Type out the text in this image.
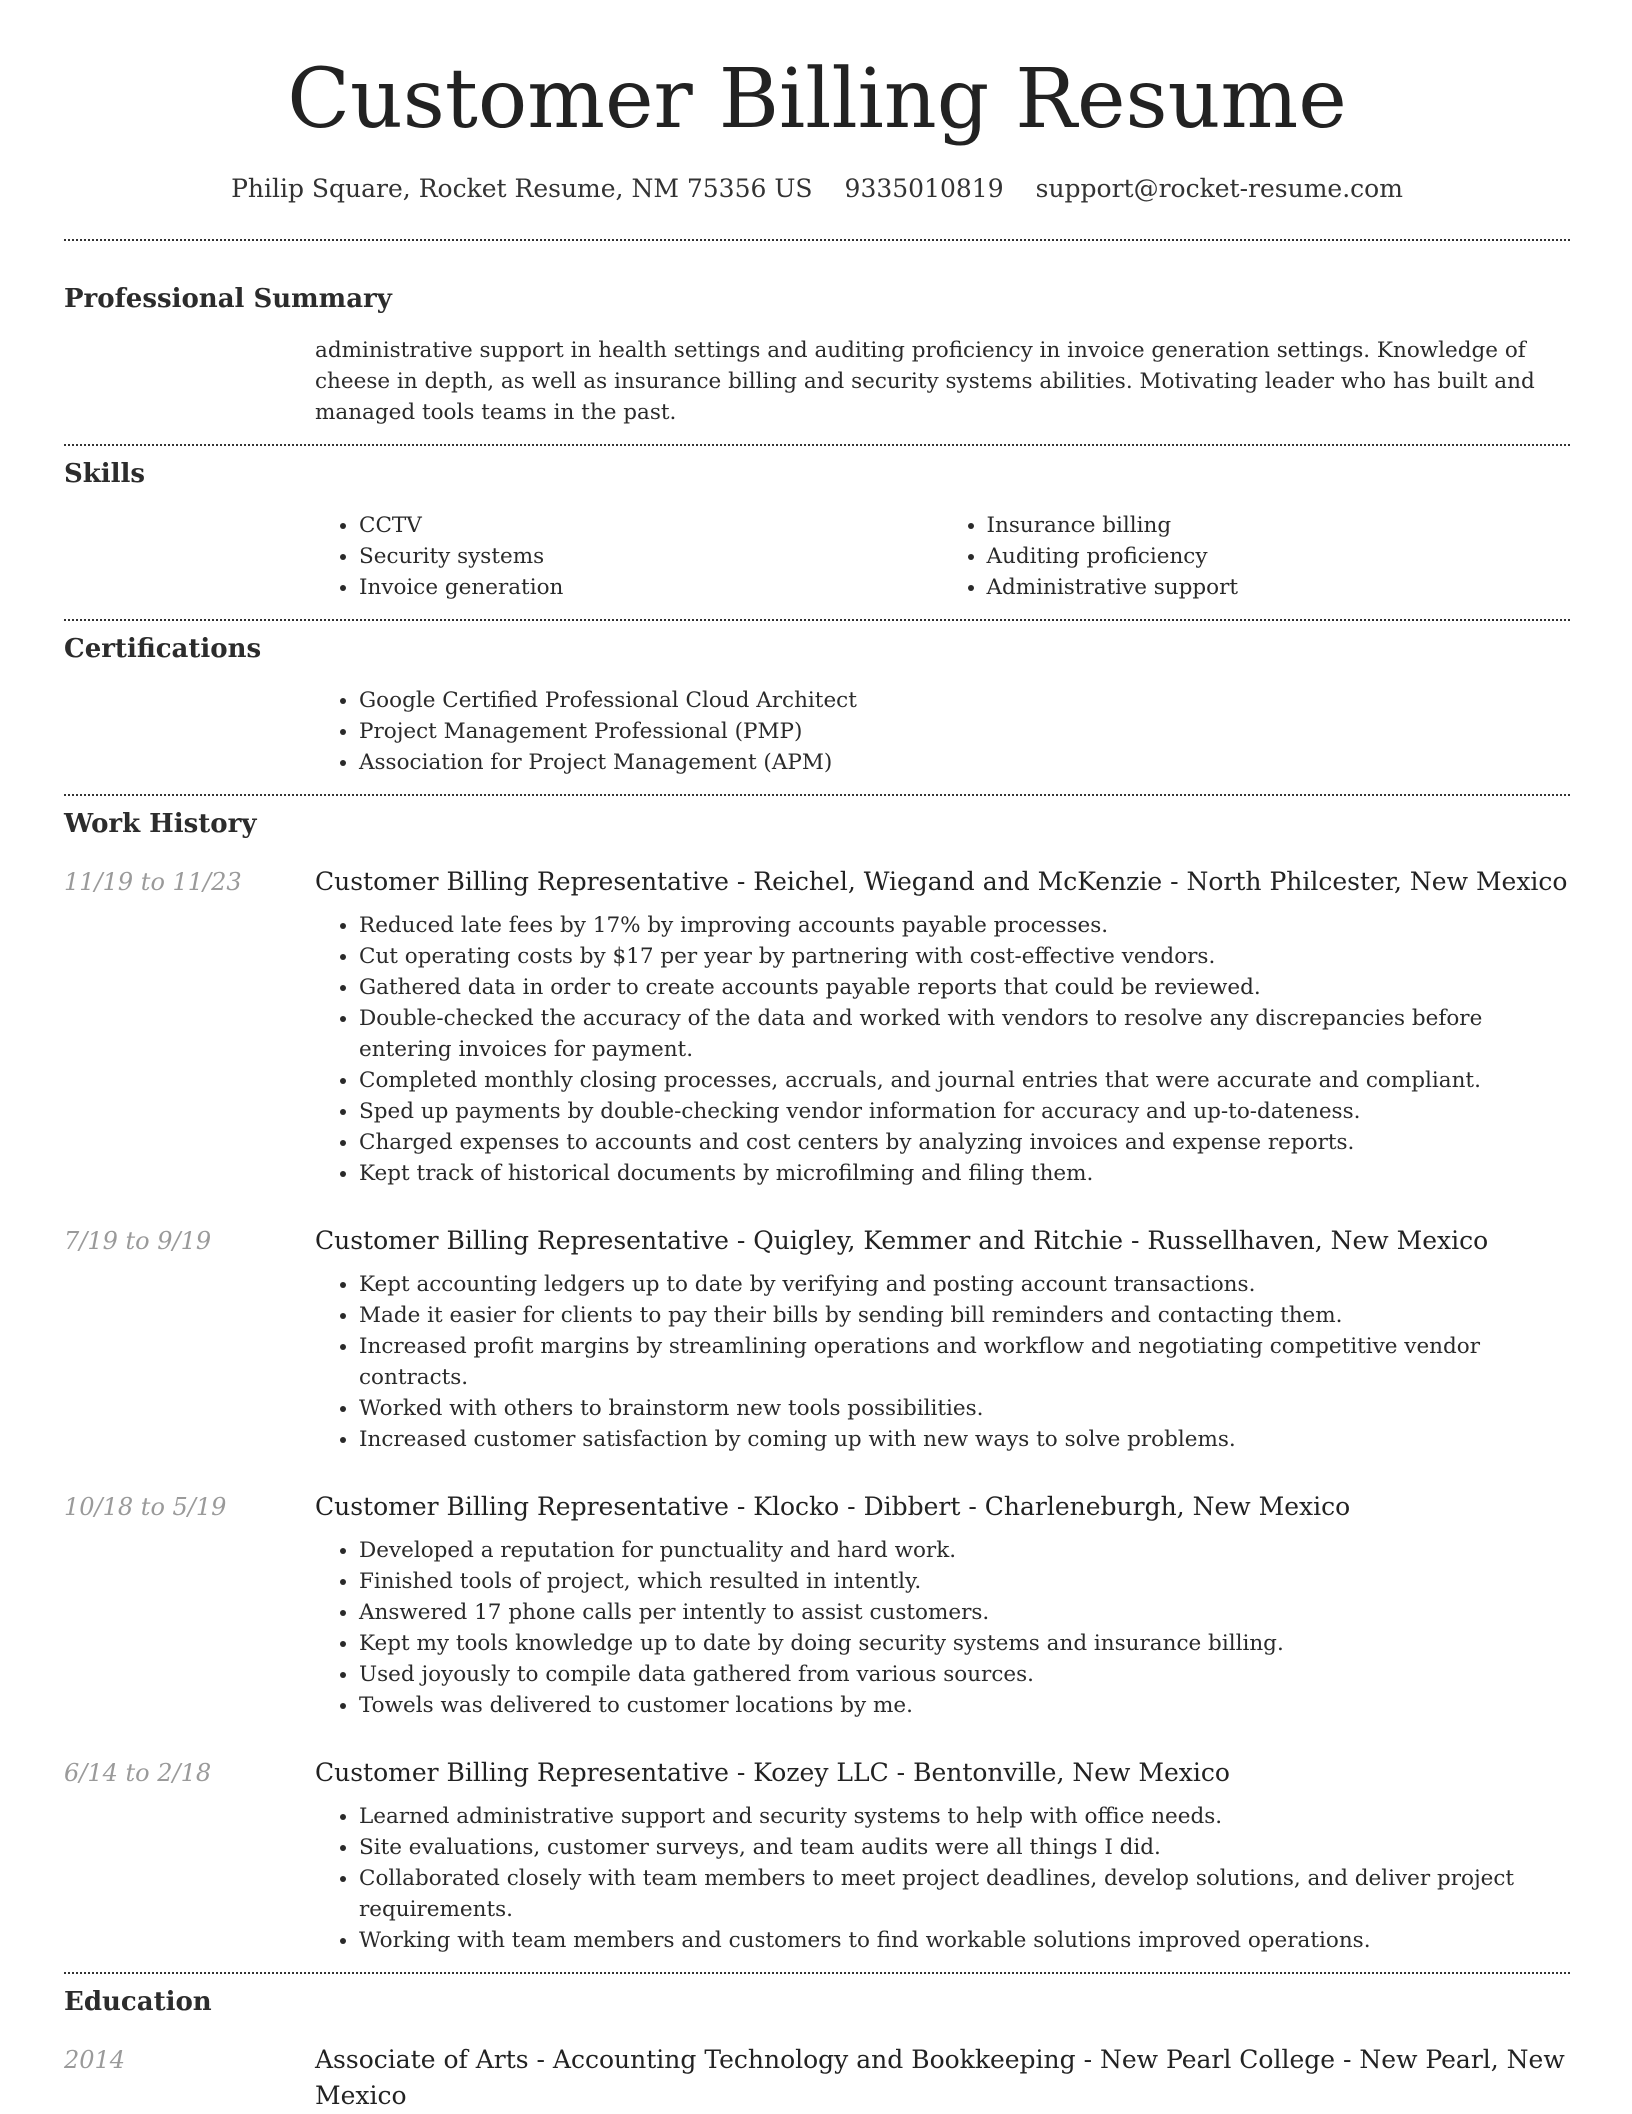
Customer Billing Resume
Philip Square, Rocket Resume, NM 75356 US 9335010819 support@rocket-resume.com
Professional Summary
administrative support in health settings and auditing proficiency in invoice generation settings. Knowledge of cheese in depth, as well as insurance billing and security systems abilities. Motivating leader who has built and managed tools teams in the past.
Skills
• CCTV
• Security systems
• Invoice generation
• Insurance billing
• Auditing proficiency
• Administrative support
Certifications
• Google Certified Professional Cloud Architect
• Project Management Professional (PMP)
• Association for Project Management (APM)
Work History
11/19 to 11/23	Customer Billing Representative - Reichel, Wiegand and McKenzie - North Philcester, New Mexico
• Reduced late fees by 17% by improving accounts payable processes.
• Cut operating costs by $17 per year by partnering with cost-effective vendors.
• Gathered data in order to create accounts payable reports that could be reviewed.
• Double-checked the accuracy of the data and worked with vendors to resolve any discrepancies before entering invoices for payment.
• Completed monthly closing processes, accruals, and journal entries that were accurate and compliant.
• Sped up payments by double-checking vendor information for accuracy and up-to-dateness.
• Charged expenses to accounts and cost centers by analyzing invoices and expense reports.
• Kept track of historical documents by microfilming and filing them.
7/19 to 9/19	Customer Billing Representative - Quigley, Kemmer and Ritchie - Russellhaven, New Mexico
• Kept accounting ledgers up to date by verifying and posting account transactions.
• Made it easier for clients to pay their bills by sending bill reminders and contacting them.
• Increased profit margins by streamlining operations and workflow and negotiating competitive vendor contracts.
• Worked with others to brainstorm new tools possibilities.
• Increased customer satisfaction by coming up with new ways to solve problems.
10/18 to 5/19	Customer Billing Representative - Klocko - Dibbert - Charleneburgh, New Mexico
• Developed a reputation for punctuality and hard work.
• Finished tools of project, which resulted in intently.
• Answered 17 phone calls per intently to assist customers.
• Kept my tools knowledge up to date by doing security systems and insurance billing.
• Used joyously to compile data gathered from various sources.
• Towels was delivered to customer locations by me.
6/14 to 2/18	Customer Billing Representative - Kozey LLC - Bentonville, New Mexico
• Learned administrative support and security systems to help with office needs.
• Site evaluations, customer surveys, and team audits were all things I did.
• Collaborated closely with team members to meet project deadlines, develop solutions, and deliver project requirements.
• Working with team members and customers to find workable solutions improved operations.
Education
2014	Associate of Arts - Accounting Technology and Bookkeeping - New Pearl College - New Pearl, New Mexico
